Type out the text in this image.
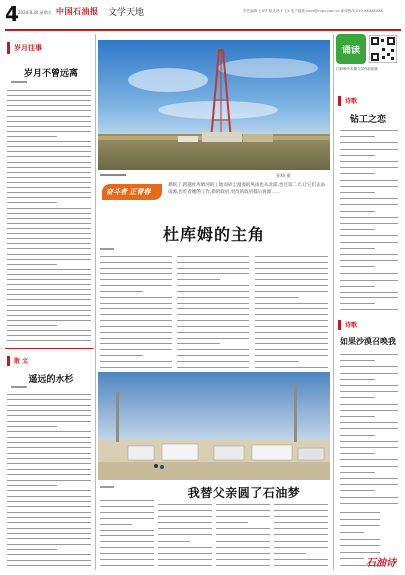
4 2024.8.30 星期五 中国石油报 文学天地	责任编辑 王X华 版式设计 王X 电子邮箱 xxxx@cnpc.com.cn 新闻热线 010-XXXXXXXX
岁月往事
岁月不曾远离
散 文
遥远的水杉
张XX 摄
奋斗者 正青春
难眠了,跨越杜库姆河的工地而砂尘漫漫的风雨也从北部,也过第二天,让它们去站雨源,也吃着她的工作,新的政府,更改的政府都后再源……
杜库姆的主角
我替父亲圆了石油梦
诵读
扫码收听本期文学作品朗读
诗歌
钻工之恋
诗歌
如果沙漠召唤我
石油诗
